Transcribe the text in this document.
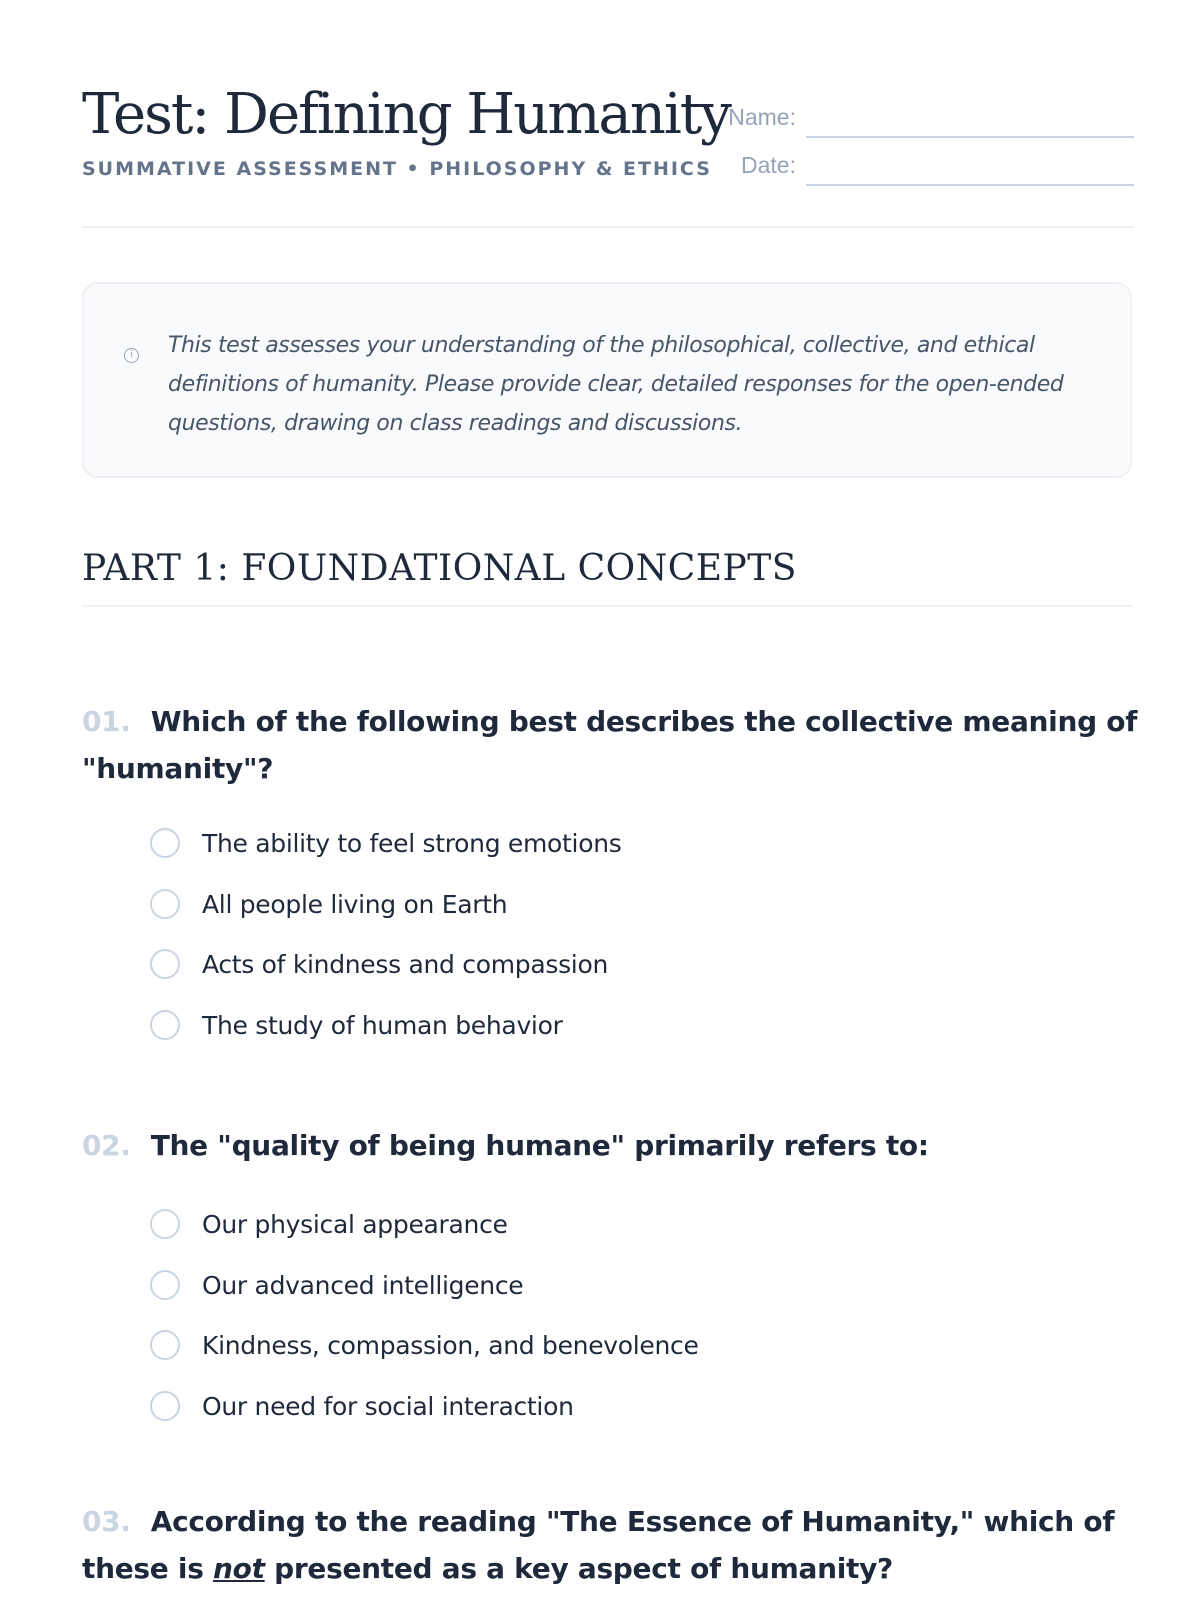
Test: Defining Humanity
SUMMATIVE ASSESSMENT • PHILOSOPHY & ETHICS
Name:
Date:
i This test assesses your understanding of the philosophical, collective, and ethical definitions of humanity. Please provide clear, detailed responses for the open-ended questions, drawing on class readings and discussions.

PART 1: FOUNDATIONAL CONCEPTS

01. Which of the following best describes the collective meaning of "humanity"?

The ability to feel strong emotions
All people living on Earth
Acts of kindness and compassion
The study of human behavior

02. The "quality of being humane" primarily refers to:

Our physical appearance
Our advanced intelligence
Kindness, compassion, and benevolence
Our need for social interaction

03. According to the reading "The Essence of Humanity," which of these is not presented as a key aspect of humanity?
